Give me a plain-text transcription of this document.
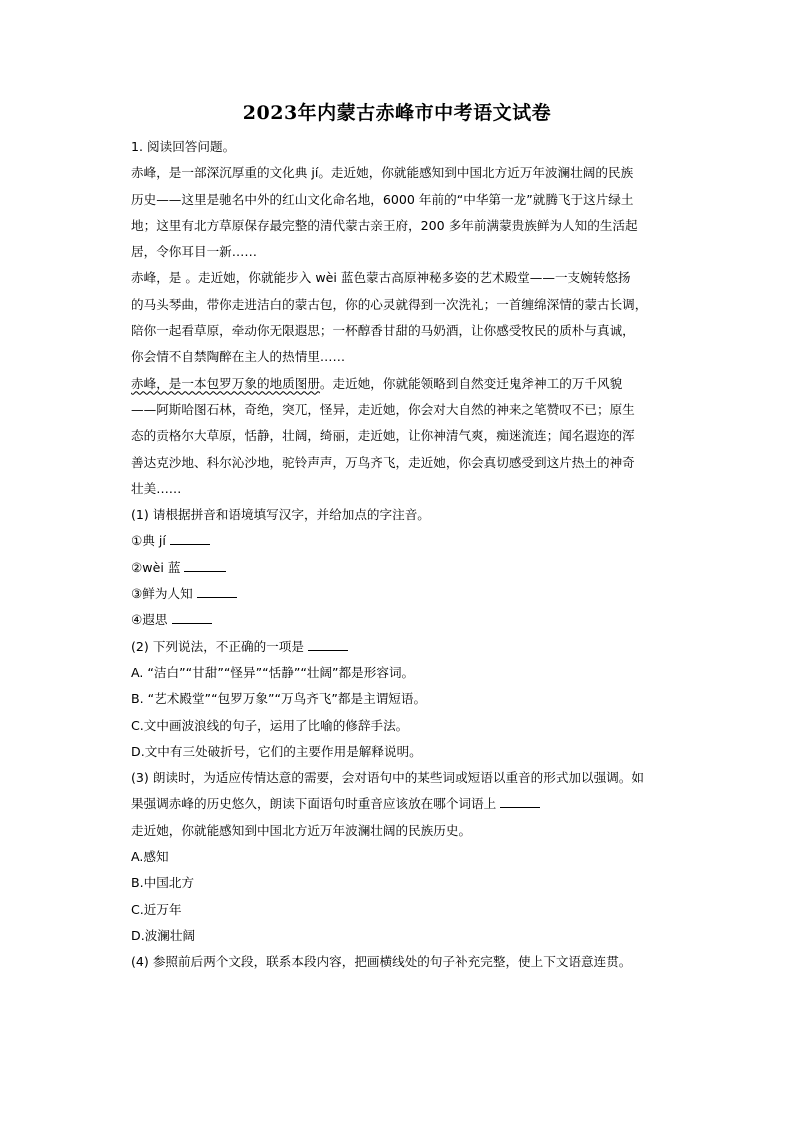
2023年内蒙古赤峰市中考语文试卷
1. 阅读回答问题。
赤峰，是一部深沉厚重的文化典 jí。走近她，你就能感知到中国北方近万年波澜壮阔的民族
历史——这里是驰名中外的红山文化命名地，6000 年前的“中华第一龙”就腾飞于这片绿土
地；这里有北方草原保存最完整的清代蒙古亲王府，200 多年前满蒙贵族鲜为人知的生活起
居，令你耳目一新……
赤峰，是 。走近她，你就能步入 wèi 蓝色蒙古高原神秘多姿的艺术殿堂——一支婉转悠扬
的马头琴曲，带你走进洁白的蒙古包，你的心灵就得到一次洗礼；一首缠绵深情的蒙古长调，
陪你一起看草原，牵动你无限遐思；一杯醇香甘甜的马奶酒，让你感受牧民的质朴与真诚，
你会情不自禁陶醉在主人的热情里……
赤峰，是一本包罗万象的地质图册。走近她，你就能领略到自然变迁鬼斧神工的万千风貌
——阿斯哈图石林，奇绝，突兀，怪异，走近她，你会对大自然的神来之笔赞叹不已；原生
态的贡格尔大草原，恬静，壮阔，绮丽，走近她，让你神清气爽，痴迷流连；闻名遐迩的浑
善达克沙地、科尔沁沙地，驼铃声声，万鸟齐飞，走近她，你会真切感受到这片热土的神奇
壮美……
(1) 请根据拼音和语境填写汉字，并给加点的字注音。
①典 jí
②wèi 蓝
③鲜为人知
④遐思
(2) 下列说法，不正确的一项是
A. “洁白”“甘甜”“怪异”“恬静”“壮阔”都是形容词。
B. “艺术殿堂”“包罗万象”“万鸟齐飞”都是主谓短语。
C.文中画波浪线的句子，运用了比喻的修辞手法。
D.文中有三处破折号，它们的主要作用是解释说明。
(3) 朗读时，为适应传情达意的需要，会对语句中的某些词或短语以重音的形式加以强调。如
果强调赤峰的历史悠久，朗读下面语句时重音应该放在哪个词语上
走近她，你就能感知到中国北方近万年波澜壮阔的民族历史。
A.感知
B.中国北方
C.近万年
D.波澜壮阔
(4) 参照前后两个文段，联系本段内容，把画横线处的句子补充完整，使上下文语意连贯。
